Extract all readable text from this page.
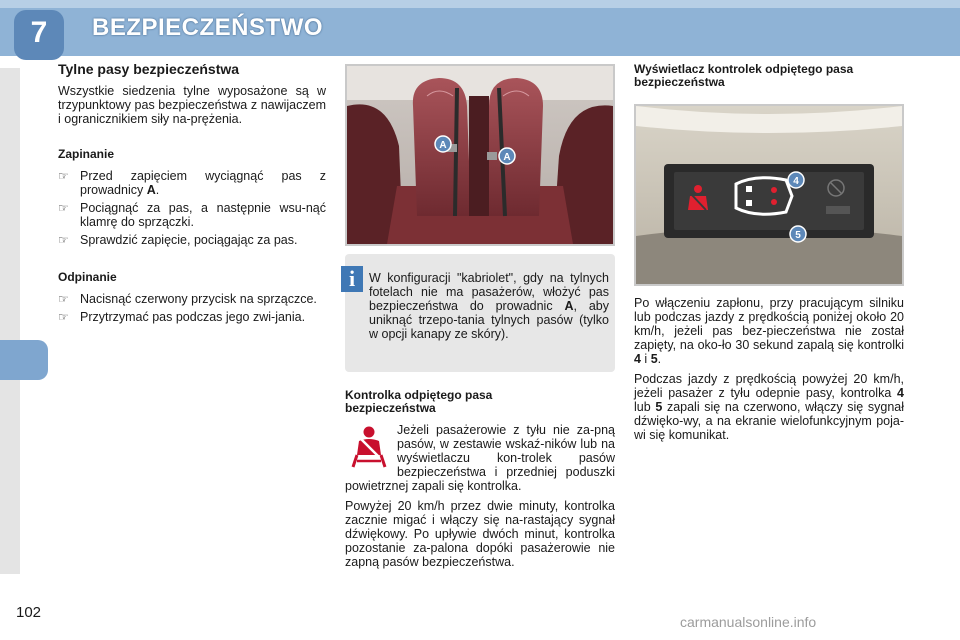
7	BEZPIECZEŃSTWO
Tylne pasy bezpieczeństwa

Wszystkie siedzenia tylne wyposażone są w trzypunktowy pas bezpieczeństwa z nawijaczem i ogranicznikiem siły na-prężenia.

Zapinanie
☞ Przed zapięciem wyciągnąć pas z prowadnicy A.
☞ Pociągnąć za pas, a następnie wsu-nąć klamrę do sprzączki.
☞ Sprawdzić zapięcie, pociągając za pas.
Odpinanie
☞ Nacisnąć czerwony przycisk na sprzączce.
☞ Przytrzymać pas podczas jego zwi-jania.
A
A
i	W konfiguracji "kabriolet", gdy na tylnych fotelach nie ma pasażerów, włożyć pas bezpieczeństwa do prowadnic A, aby uniknąć trzepo-tania tylnych pasów (tylko w opcji kanapy ze skóry).
Kontrolka odpiętego pasa bezpieczeństwa

Jeżeli pasażerowie z tyłu nie za-pną pasów, w zestawie wskaź-ników lub na wyświetlaczu kon-trolek pasów bezpieczeństwa i przedniej poduszki powietrznej zapali się kontrolka.

Powyżej 20 km/h przez dwie minuty, kontrolka zacznie migać i włączy się na-rastający sygnał dźwiękowy. Po upływie dwóch minut, kontrolka pozostanie za-palona dopóki pasażerowie nie zapną pasów bezpieczeństwa.

Wyświetlacz kontrolek odpiętego pasa bezpieczeństwa
4
5

Po włączeniu zapłonu, przy pracującym silniku lub podczas jazdy z prędkością poniżej około 20 km/h, jeżeli pas bez-pieczeństwa nie został zapięty, na oko-ło 30 sekund zapalą się kontrolki 4 i 5.

Podczas jazdy z prędkością powyżej 20 km/h, jeżeli pasażer z tyłu odepnie pasy, kontrolka 4 lub 5 zapali się na czerwono, włączy się sygnał dźwięko-wy, a na ekranie wielofunkcyjnym poja-wi się komunikat.

102
carmanualsonline.info
